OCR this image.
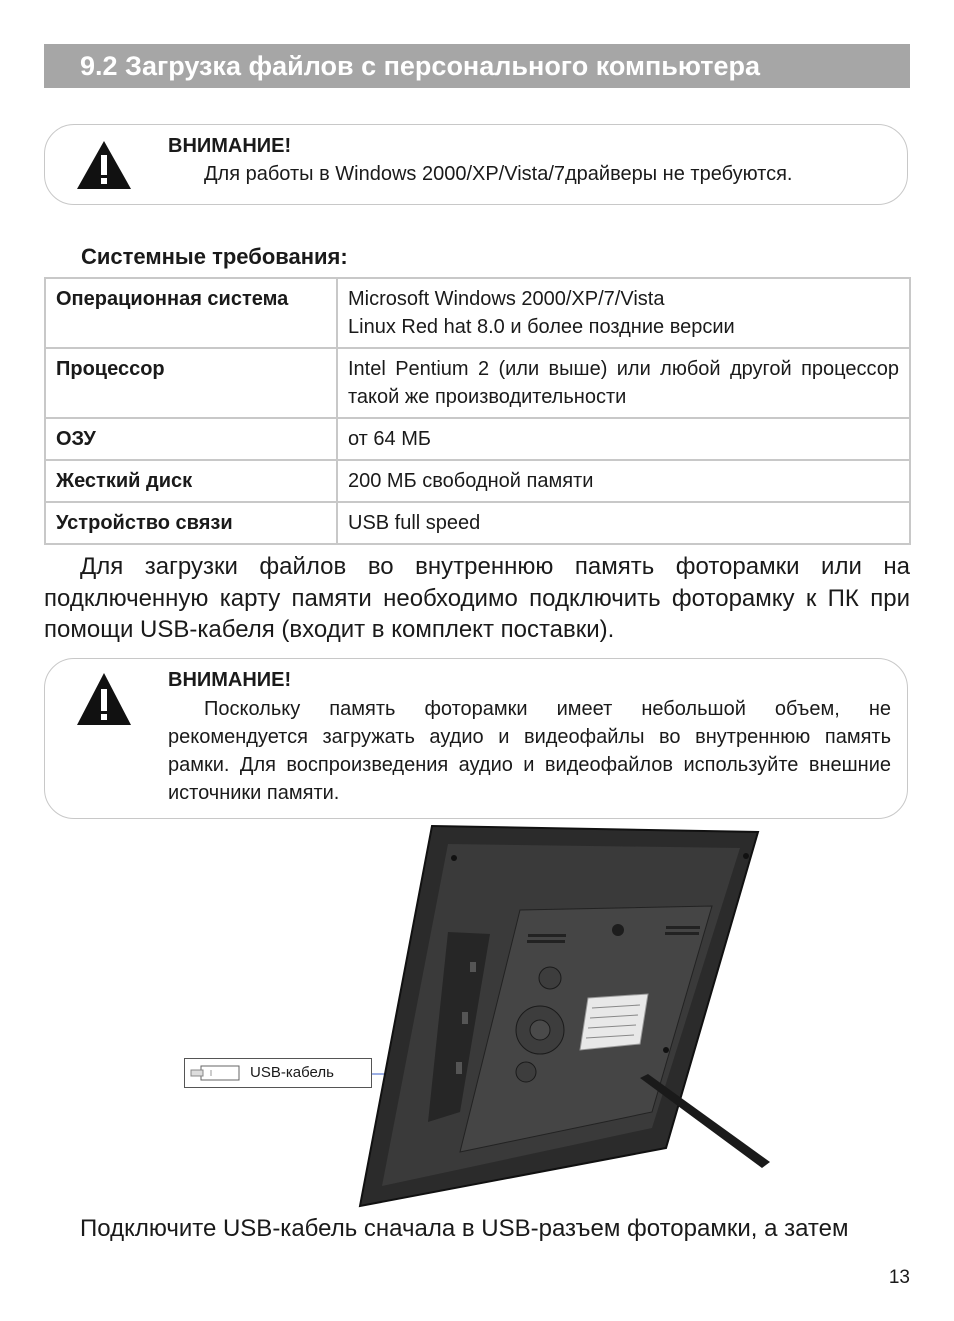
9.2 Загрузка файлов с персонального компьютера
ВНИМАНИЕ!
Для работы в Windows 2000/XP/Vista/7драйверы не требуются.
Системные требования:
Операционная система	Microsoft Windows 2000/XP/7/Vista
Linux Red hat 8.0 и более поздние версии

Процессор	Intel Pentium 2 (или выше) или любой другой процессор такой же производительности
ОЗУ	от 64 МБ
Жесткий диск	200 МБ свободной памяти
Устройство связи	USB full speed
Для загрузки файлов во внутреннюю память фоторамки или на подключенную карту памяти необходимо подключить фоторамку к ПК при помощи USB-кабеля (входит в комплект поставки).
ВНИМАНИЕ!
Поскольку память фоторамки имеет небольшой объем, не рекомендуется загружать аудио и видеофайлы во внутреннюю память рамки. Для воспроизведения аудио и видеофайлов используйте внешние источники памяти.
USB-кабель
Подключите USB-кабель сначала в USB-разъем фоторамки, а затем
13
